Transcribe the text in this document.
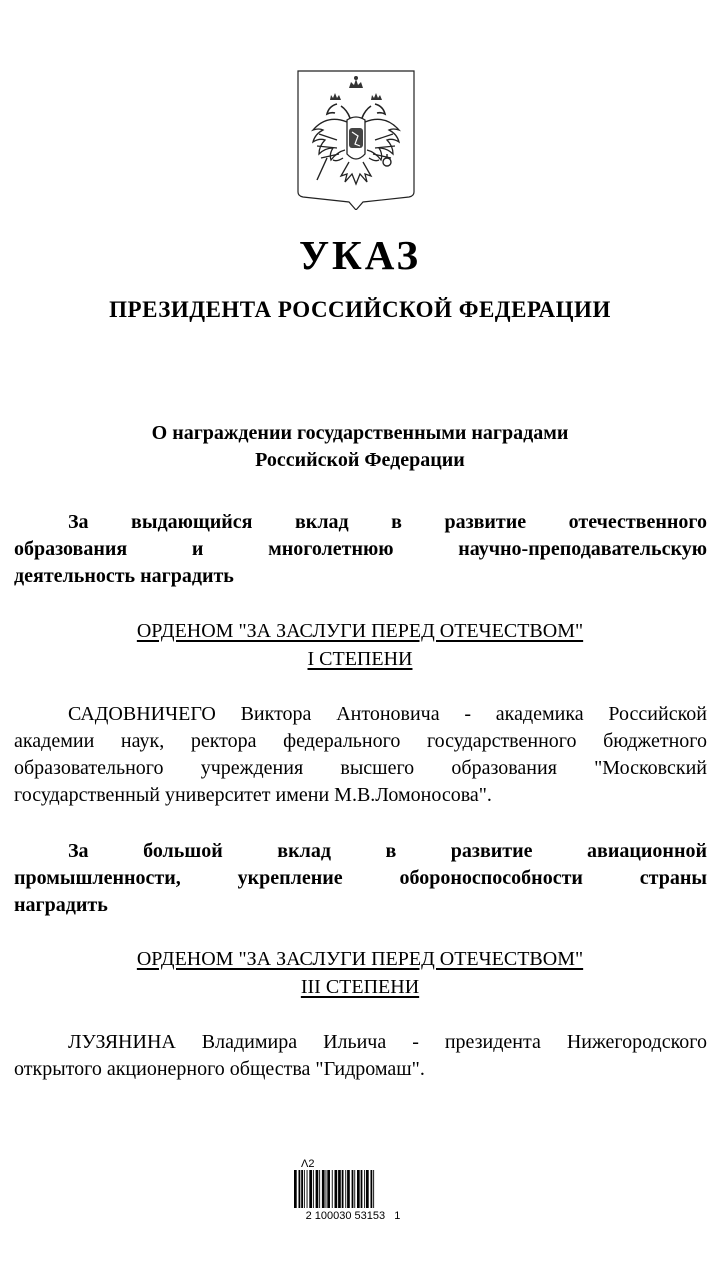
УКАЗ
ПРЕЗИДЕНТА РОССИЙСКОЙ ФЕДЕРАЦИИ
О награждении государственными наградами
Российской Федерации
За выдающийся вклад в развитие отечественного
образования и многолетнюю научно-преподавательскую
деятельность наградить
ОРДЕНОМ "ЗА ЗАСЛУГИ ПЕРЕД ОТЕЧЕСТВОМ"
I СТЕПЕНИ
САДОВНИЧЕГО Виктора Антоновича - академика Российской
академии наук, ректора федерального государственного бюджетного
образовательного учреждения высшего образования "Московский
государственный университет имени М.В.Ломоносова".
За большой вклад в развитие авиационной
промышленности, укрепление обороноспособности страны
наградить
ОРДЕНОМ "ЗА ЗАСЛУГИ ПЕРЕД ОТЕЧЕСТВОМ"
III СТЕПЕНИ
ЛУЗЯНИНА Владимира Ильича - президента Нижегородского
открытого акционерного общества "Гидромаш".
Ʌ2
2 100030 53153   1
